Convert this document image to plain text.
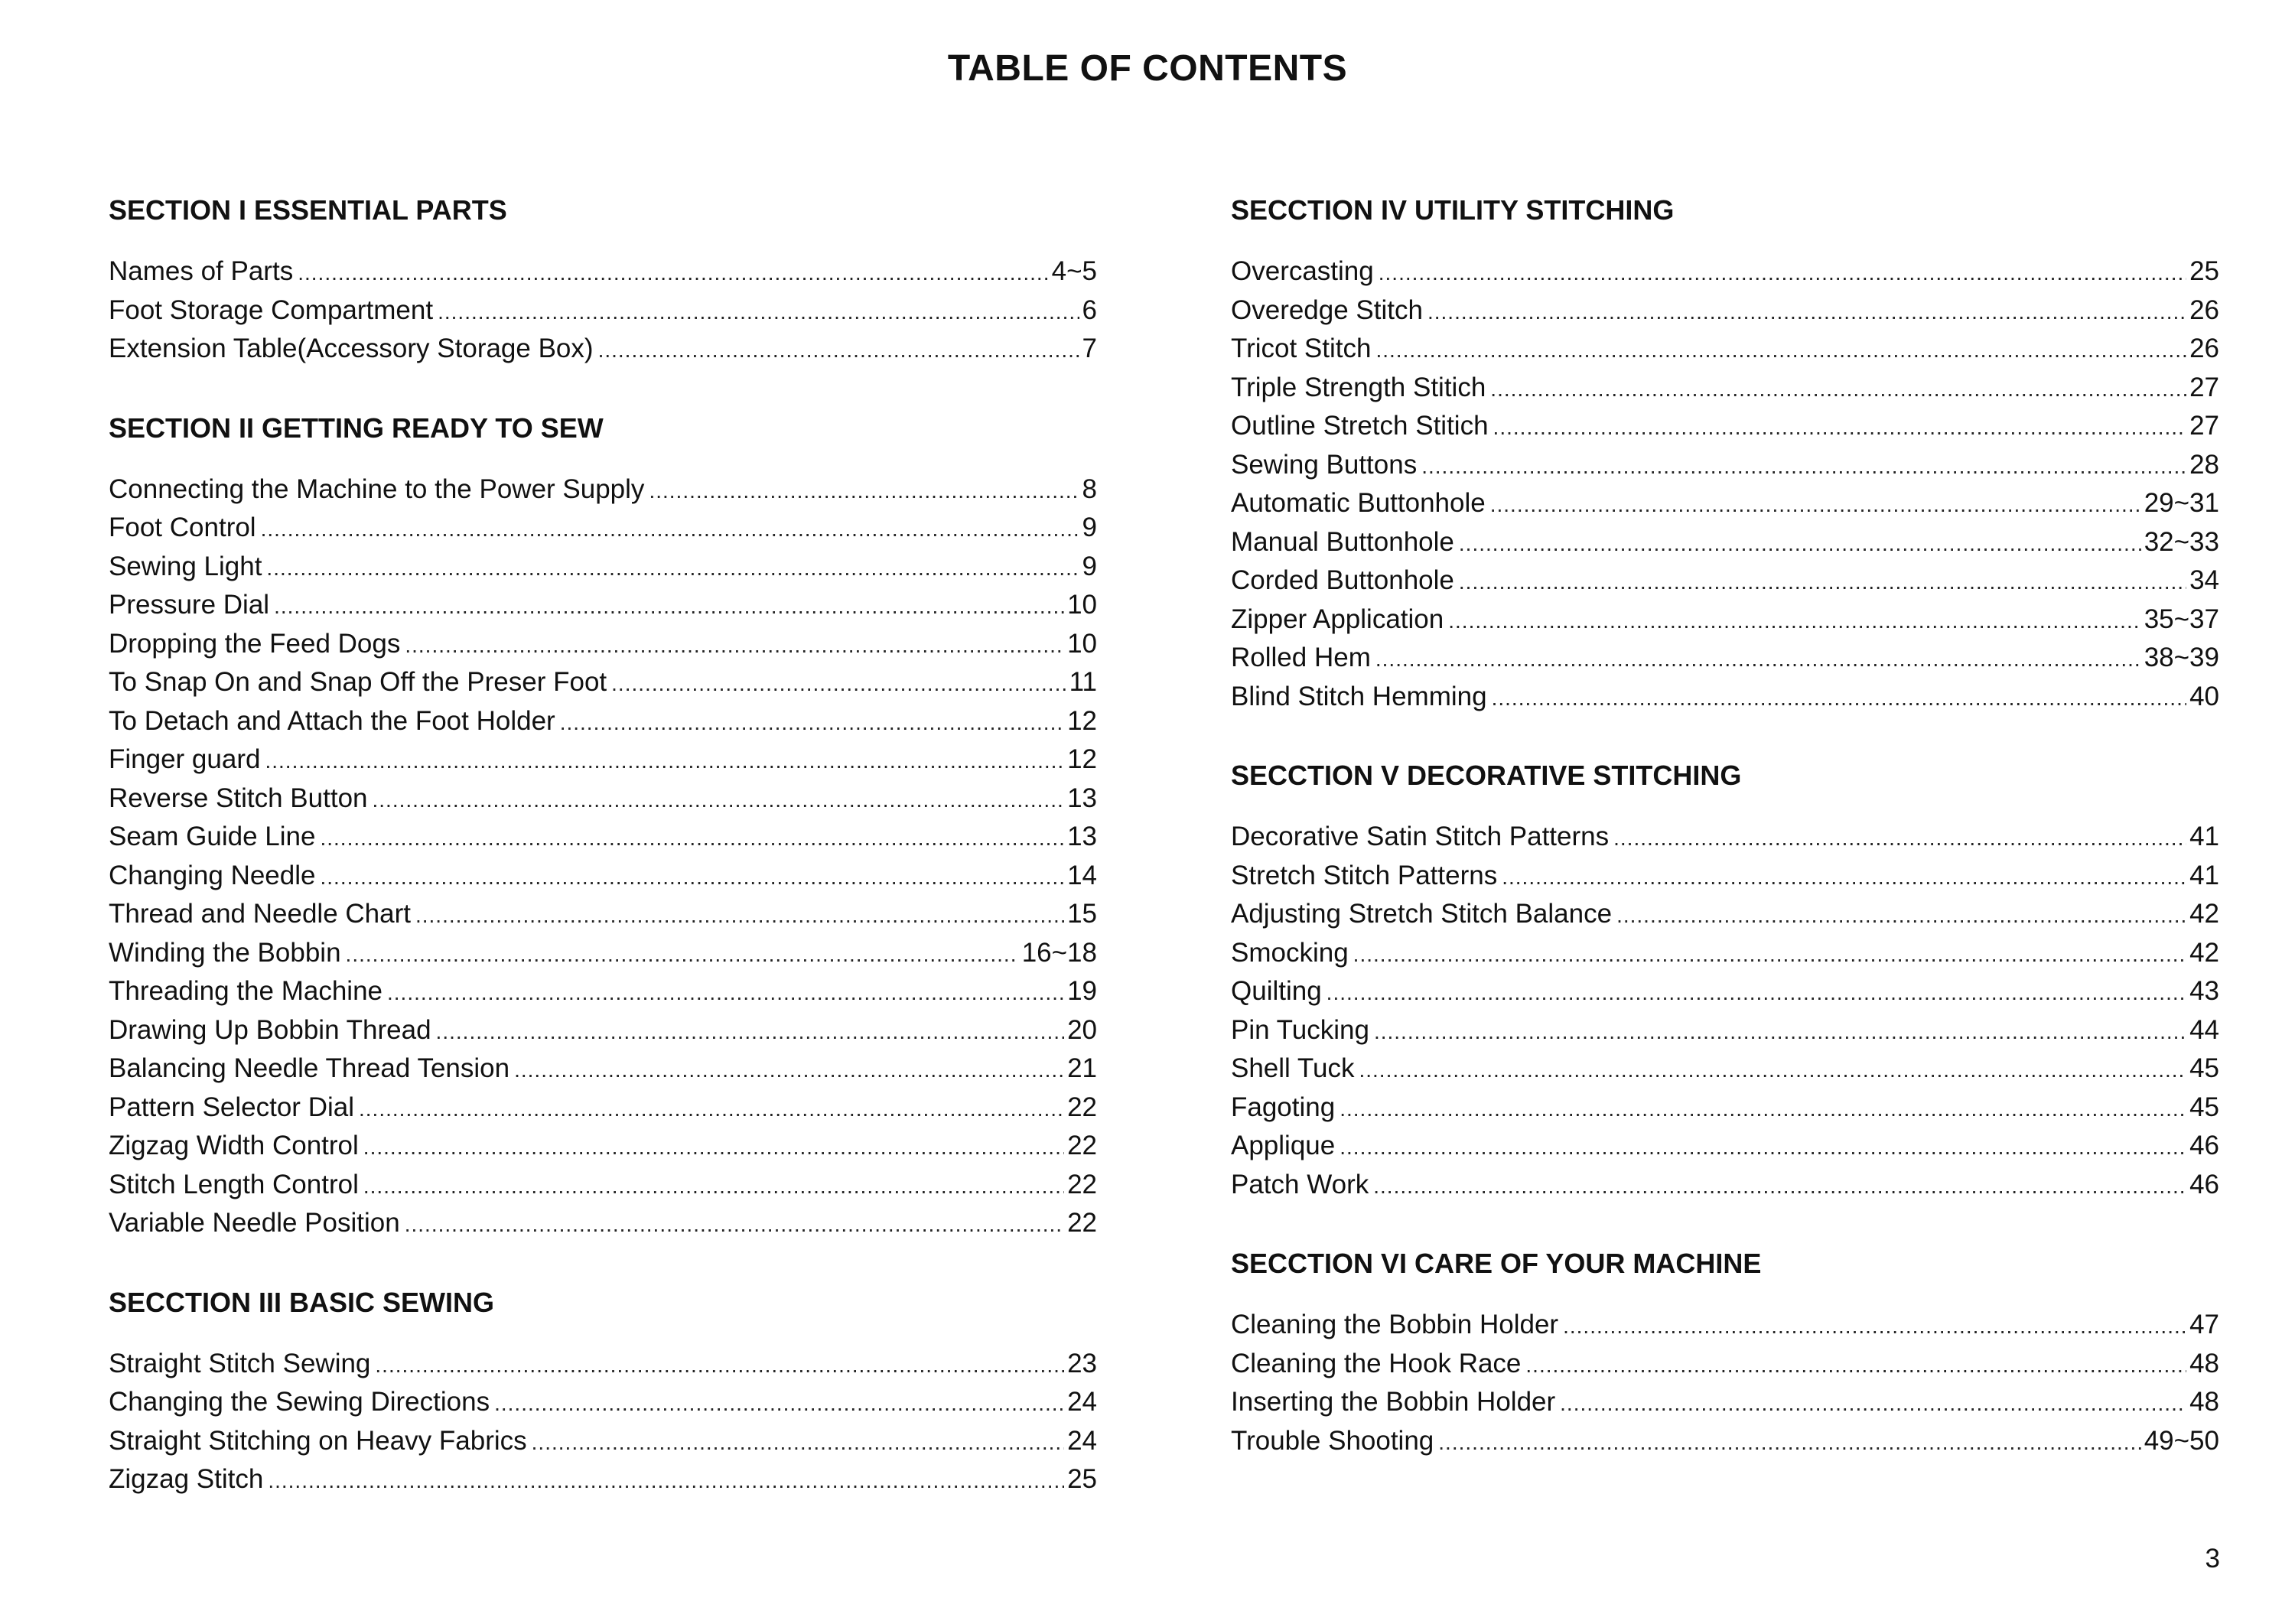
TABLE OF CONTENTS
SECTION I ESSENTIAL PARTS
Names of Parts .....	4~5
Foot Storage Compartment .....	6
Extension Table(Accessory Storage Box) .....	7
SECTION II GETTING READY TO SEW
Connecting the Machine to the Power Supply .....	8
Foot Control .....	9
Sewing Light .....	9
Pressure Dial .....	10
Dropping the Feed Dogs .....	10
To Snap On and Snap Off the Preser Foot .....	11
To Detach and Attach the Foot Holder .....	12
Finger guard .....	12
Reverse Stitch Button .....	13
Seam Guide Line .....	13
Changing Needle .....	14
Thread and Needle Chart .....	15
Winding the Bobbin .....	16~18
Threading the Machine .....	19
Drawing Up Bobbin Thread .....	20
Balancing Needle Thread Tension .....	21
Pattern Selector Dial .....	22
Zigzag Width Control .....	22
Stitch Length Control .....	22
Variable Needle Position .....	22
SECCTION III BASIC SEWING
Straight Stitch Sewing .....	23
Changing the Sewing Directions .....	24
Straight Stitching on Heavy Fabrics .....	24
Zigzag Stitch .....	25
SECCTION IV UTILITY STITCHING
Overcasting .....	25
Overedge Stitch .....	26
Tricot Stitch .....	26
Triple Strength Stitich .....	27
Outline Stretch Stitich .....	27
Sewing Buttons .....	28
Automatic Buttonhole .....	29~31
Manual Buttonhole .....	32~33
Corded Buttonhole .....	34
Zipper Application .....	35~37
Rolled Hem .....	38~39
Blind Stitch Hemming .....	40
SECCTION V DECORATIVE STITCHING
Decorative Satin Stitch Patterns .....	41
Stretch Stitch Patterns .....	41
Adjusting Stretch Stitch Balance .....	42
Smocking .....	42
Quilting .....	43
Pin Tucking .....	44
Shell Tuck .....	45
Fagoting .....	45
Applique .....	46
Patch Work .....	46
SECCTION VI CARE OF YOUR MACHINE
Cleaning the Bobbin Holder .....	47
Cleaning the Hook Race .....	48
Inserting the Bobbin Holder .....	48
Trouble Shooting .....	49~50
3
